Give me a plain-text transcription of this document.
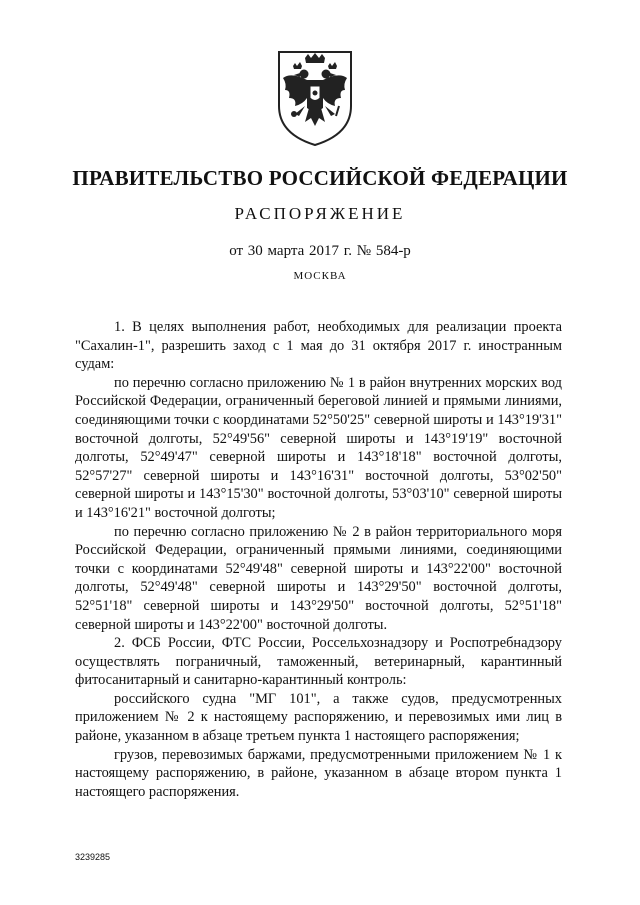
ПРАВИТЕЛЬСТВО РОССИЙСКОЙ ФЕДЕРАЦИИ
РАСПОРЯЖЕНИЕ
от 30 марта 2017 г. № 584-р
МОСКВА

1. В целях выполнения работ, необходимых для реализации проекта "Сахалин-1", разрешить заход с 1 мая до 31 октября 2017 г. иностранным судам:

по перечню согласно приложению № 1 в район внутренних морских вод Российской Федерации, ограниченный береговой линией и прямыми линиями, соединяющими точки с координатами 52°50'25" северной широты и 143°19'31" восточной долготы, 52°49'56" северной широты и 143°19'19" восточной долготы, 52°49'47" северной широты и 143°18'18" восточной долготы, 52°57'27" северной широты и 143°16'31" восточной долготы, 53°02'50" северной широты и 143°15'30" восточной долготы, 53°03'10" северной широты и 143°16'21" восточной долготы;

по перечню согласно приложению № 2 в район территориального моря Российской Федерации, ограниченный прямыми линиями, соединяющими точки с координатами 52°49'48" северной широты и 143°22'00" восточной долготы, 52°49'48" северной широты и 143°29'50" восточной долготы, 52°51'18" северной широты и 143°29'50" восточной долготы, 52°51'18" северной широты и 143°22'00" восточной долготы.

2. ФСБ России, ФТС России, Россельхознадзору и Роспотребнадзору осуществлять пограничный, таможенный, ветеринарный, карантинный фитосанитарный и санитарно-карантинный контроль:

российского судна "МГ 101", а также судов, предусмотренных приложением № 2 к настоящему распоряжению, и перевозимых ими лиц в районе, указанном в абзаце третьем пункта 1 настоящего распоряжения;

грузов, перевозимых баржами, предусмотренными приложением № 1 к настоящему распоряжению, в районе, указанном в абзаце втором пункта 1 настоящего распоряжения.

3239285
